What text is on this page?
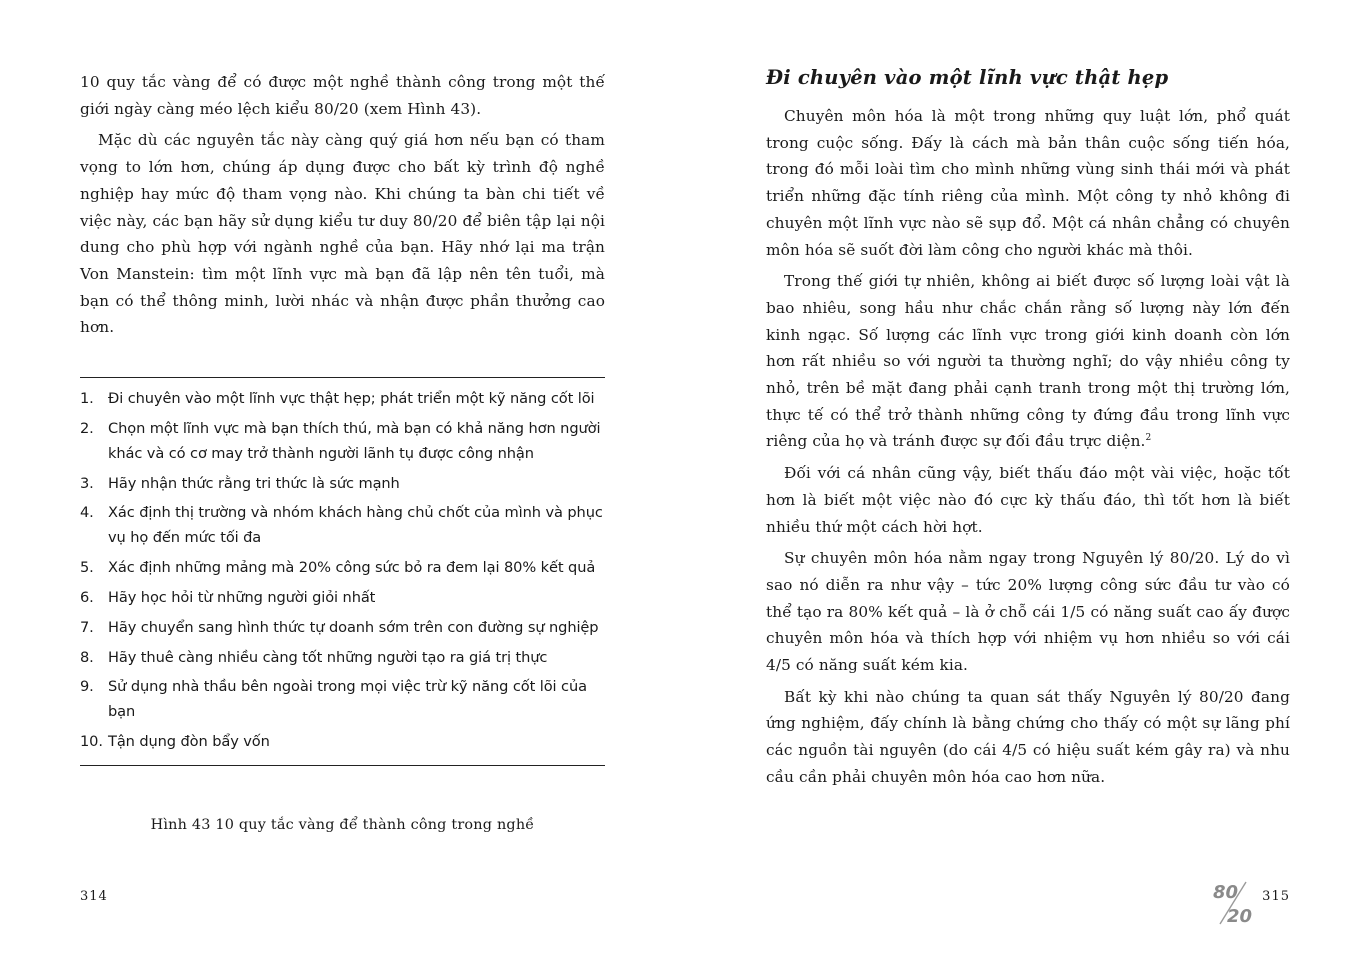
10 quy tắc vàng để có được một nghề thành công trong một thế giới ngày càng méo lệch kiểu 80/20 (xem Hình 43).

Mặc dù các nguyên tắc này càng quý giá hơn nếu bạn có tham vọng to lớn hơn, chúng áp dụng được cho bất kỳ trình độ nghề nghiệp hay mức độ tham vọng nào. Khi chúng ta bàn chi tiết về việc này, các bạn hãy sử dụng kiểu tư duy 80/20 để biên tập lại nội dung cho phù hợp với ngành nghề của bạn. Hãy nhớ lại ma trận Von Manstein: tìm một lĩnh vực mà bạn đã lập nên tên tuổi, mà bạn có thể thông minh, lười nhác và nhận được phần thưởng cao hơn.

1. Đi chuyên vào một lĩnh vực thật hẹp; phát triển một kỹ năng cốt lõi
2. Chọn một lĩnh vực mà bạn thích thú, mà bạn có khả năng hơn người khác và có cơ may trở thành người lãnh tụ được công nhận
3. Hãy nhận thức rằng tri thức là sức mạnh
4. Xác định thị trường và nhóm khách hàng chủ chốt của mình và phục vụ họ đến mức tối đa
5. Xác định những mảng mà 20% công sức bỏ ra đem lại 80% kết quả
6. Hãy học hỏi từ những người giỏi nhất
7. Hãy chuyển sang hình thức tự doanh sớm trên con đường sự nghiệp
8. Hãy thuê càng nhiều càng tốt những người tạo ra giá trị thực
9. Sử dụng nhà thầu bên ngoài trong mọi việc trừ kỹ năng cốt lõi của bạn
10. Tận dụng đòn bẩy vốn
Hình 43 10 quy tắc vàng để thành công trong nghề
314
Đi chuyên vào một lĩnh vực thật hẹp

Chuyên môn hóa là một trong những quy luật lớn, phổ quát trong cuộc sống. Đấy là cách mà bản thân cuộc sống tiến hóa, trong đó mỗi loài tìm cho mình những vùng sinh thái mới và phát triển những đặc tính riêng của mình. Một công ty nhỏ không đi chuyên một lĩnh vực nào sẽ sụp đổ. Một cá nhân chẳng có chuyên môn hóa sẽ suốt đời làm công cho người khác mà thôi.

Trong thế giới tự nhiên, không ai biết được số lượng loài vật là bao nhiêu, song hầu như chắc chắn rằng số lượng này lớn đến kinh ngạc. Số lượng các lĩnh vực trong giới kinh doanh còn lớn hơn rất nhiều so với người ta thường nghĩ; do vậy nhiều công ty nhỏ, trên bề mặt đang phải cạnh tranh trong một thị trường lớn, thực tế có thể trở thành những công ty đứng đầu trong lĩnh vực riêng của họ và tránh được sự đối đầu trực diện.$^2$

Đối với cá nhân cũng vậy, biết thấu đáo một vài việc, hoặc tốt hơn là biết một việc nào đó cực kỳ thấu đáo, thì tốt hơn là biết nhiều thứ một cách hời hợt.

Sự chuyên môn hóa nằm ngay trong Nguyên lý 80/20. Lý do vì sao nó diễn ra như vậy – tức 20% lượng công sức đầu tư vào có thể tạo ra 80% kết quả – là ở chỗ cái 1/5 có năng suất cao ấy được chuyên môn hóa và thích hợp với nhiệm vụ hơn nhiều so với cái 4/5 có năng suất kém kia.

Bất kỳ khi nào chúng ta quan sát thấy Nguyên lý 80/20 đang ứng nghiệm, đấy chính là bằng chứng cho thấy có một sự lãng phí các nguồn tài nguyên (do cái 4/5 có hiệu suất kém gây ra) và nhu cầu cần phải chuyên môn hóa cao hơn nữa.

80
20
315
